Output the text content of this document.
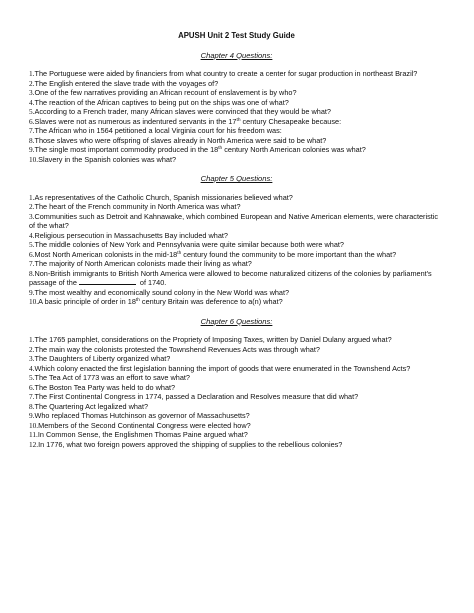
APUSH Unit 2 Test Study Guide
Chapter 4 Questions:
1.The Portuguese were aided by financiers from what country to create a center for sugar production in northeast Brazil?
2.The English entered the slave trade with the voyages of?
3.One of the few narratives providing an African recount of enslavement is by who?
4.The reaction of the African captives to being put on the ships was one of what?
5.According to a French trader, many African slaves were convinced that they would be what?
6.Slaves were not as numerous as indentured servants in the 17th century Chesapeake because:
7.The African who in 1564 petitioned a local Virginia court for his freedom was:
8.Those slaves who were offspring of slaves already in North America were said to be what?
9.The single most important commodity produced in the 18th century North American colonies was what?
10.Slavery in the Spanish colonies was what?
Chapter 5 Questions:
1.As representatives of the Catholic Church, Spanish missionaries believed what?
2.The heart of the French community in North America was what?
3.Communities such as Detroit and Kahnawake, which combined European and Native American elements, were characteristic of the what?
4.Religious persecution in Massachusetts Bay included what?
5.The middle colonies of New York and Pennsylvania were quite similar because both were what?
6.Most North American colonists in the mid-18th century found the community to be more important than the what?
7.The majority of North American colonists made their living as what?
8.Non-British immigrants to British North America were allowed to become naturalized citizens of the colonies by parliament's passage of the	of 1740.
9.The most wealthy and economically sound colony in the New World was what?
10.A basic principle of order in 18th century Britain was deference to a(n) what?
Chapter 6 Questions:
1.The 1765 pamphlet, considerations on the Propriety of Imposing Taxes, written by Daniel Dulany argued what?
2.The main way the colonists protested the Townshend Revenues Acts was through what?
3.The Daughters of Liberty organized what?
4.Which colony enacted the first legislation banning the import of goods that were enumerated in the Townshend Acts?
5.The Tea Act of 1773 was an effort to save what?
6.The Boston Tea Party was held to do what?
7.The First Continental Congress in 1774, passed a Declaration and Resolves measure that did what?
8.The Quartering Act legalized what?
9.Who replaced Thomas Hutchinson as governor of Massachusetts?
10.Members of the Second Continental Congress were elected how?
11.In Common Sense, the Englishmen Thomas Paine argued what?
12.In 1776, what two foreign powers approved the shipping of supplies to the rebellious colonies?
